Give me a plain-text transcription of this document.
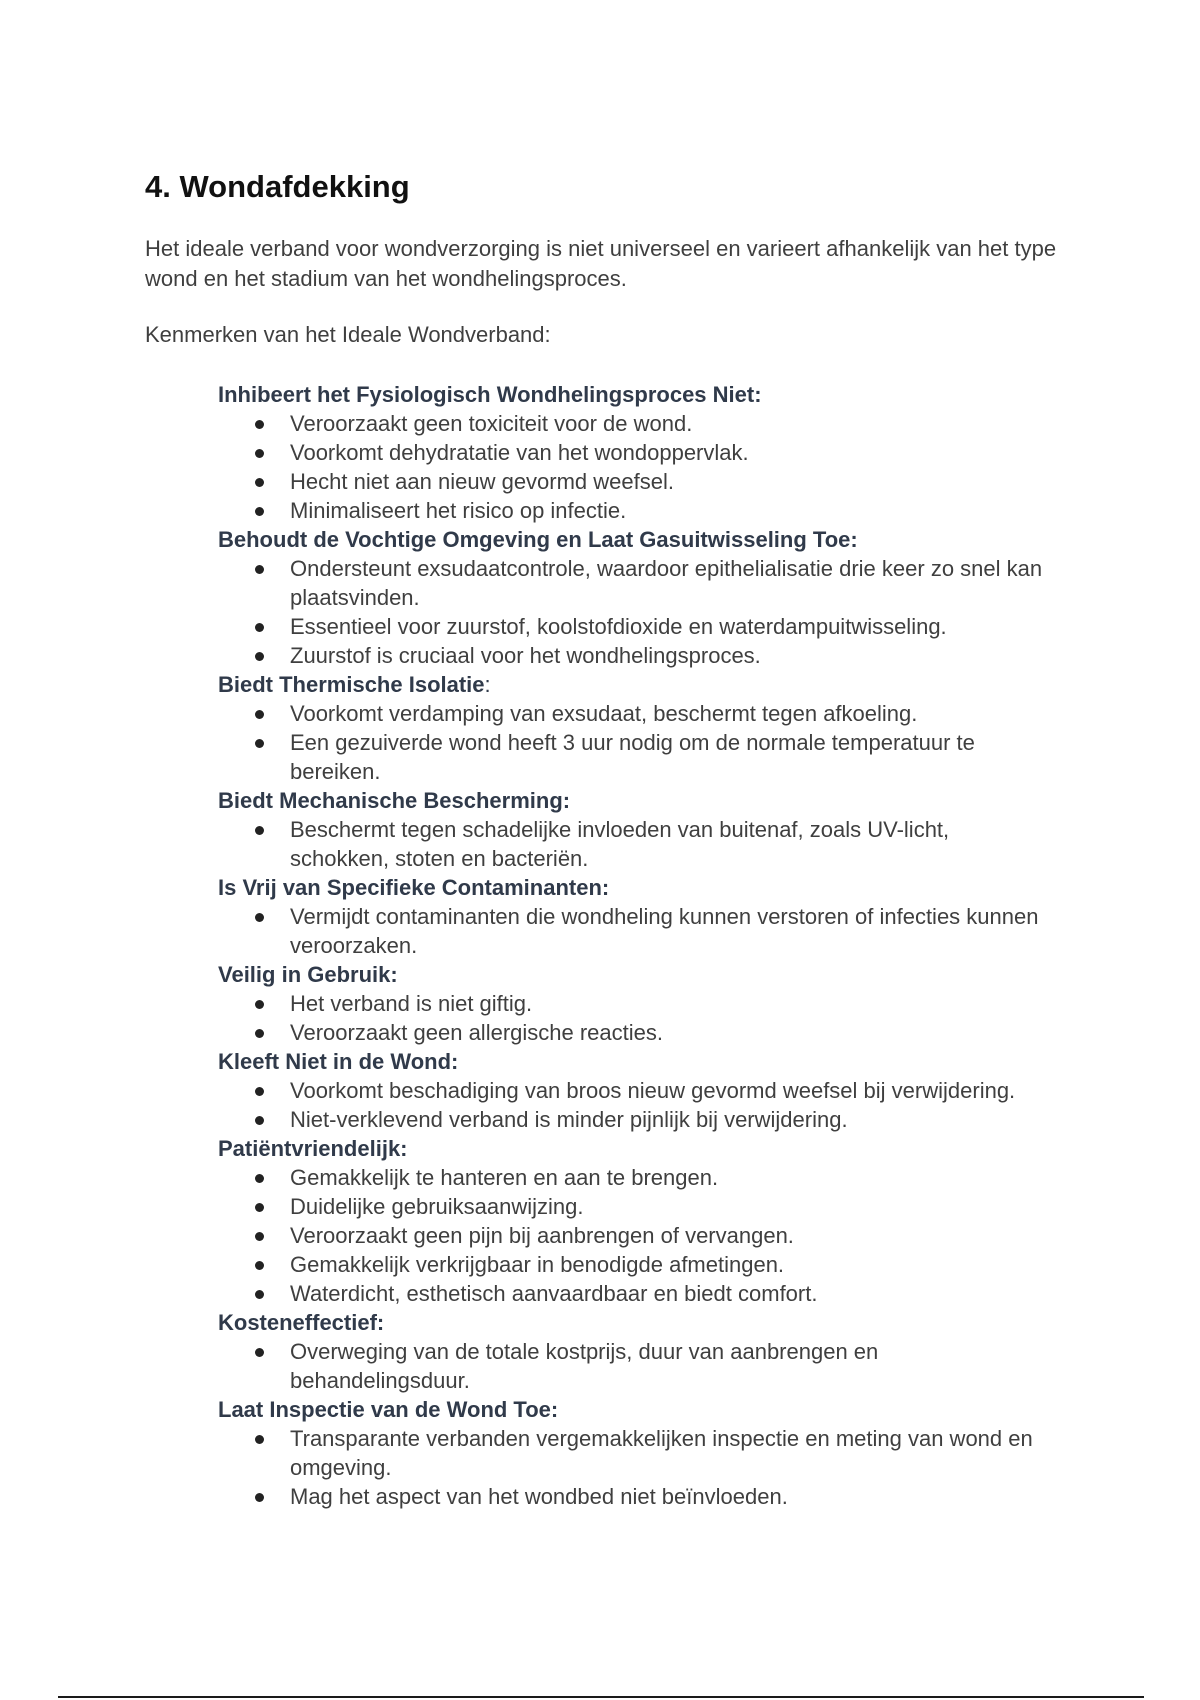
4. Wondafdekking

Het ideale verband voor wondverzorging is niet universeel en varieert afhankelijk van het type wond en het stadium van het wondhelingsproces.

Kenmerken van het Ideale Wondverband:

Inhibeert het Fysiologisch Wondhelingsproces Niet:
Veroorzaakt geen toxiciteit voor de wond.
Voorkomt dehydratatie van het wondoppervlak.
Hecht niet aan nieuw gevormd weefsel.
Minimaliseert het risico op infectie.
Behoudt de Vochtige Omgeving en Laat Gasuitwisseling Toe:
Ondersteunt exsudaatcontrole, waardoor epithelialisatie drie keer zo snel kan plaatsvinden.
Essentieel voor zuurstof, koolstofdioxide en waterdampuitwisseling.
Zuurstof is cruciaal voor het wondhelingsproces.
Biedt Thermische Isolatie:
Voorkomt verdamping van exsudaat, beschermt tegen afkoeling.
Een gezuiverde wond heeft 3 uur nodig om de normale temperatuur te bereiken.
Biedt Mechanische Bescherming:
Beschermt tegen schadelijke invloeden van buitenaf, zoals UV-licht, schokken, stoten en bacteriën.
Is Vrij van Specifieke Contaminanten:
Vermijdt contaminanten die wondheling kunnen verstoren of infecties kunnen veroorzaken.
Veilig in Gebruik:
Het verband is niet giftig.
Veroorzaakt geen allergische reacties.
Kleeft Niet in de Wond:
Voorkomt beschadiging van broos nieuw gevormd weefsel bij verwijdering.
Niet-verklevend verband is minder pijnlijk bij verwijdering.
Patiëntvriendelijk:
Gemakkelijk te hanteren en aan te brengen.
Duidelijke gebruiksaanwijzing.
Veroorzaakt geen pijn bij aanbrengen of vervangen.
Gemakkelijk verkrijgbaar in benodigde afmetingen.
Waterdicht, esthetisch aanvaardbaar en biedt comfort.
Kosteneffectief:
Overweging van de totale kostprijs, duur van aanbrengen en behandelingsduur.
Laat Inspectie van de Wond Toe:
Transparante verbanden vergemakkelijken inspectie en meting van wond en omgeving.
Mag het aspect van het wondbed niet beïnvloeden.
